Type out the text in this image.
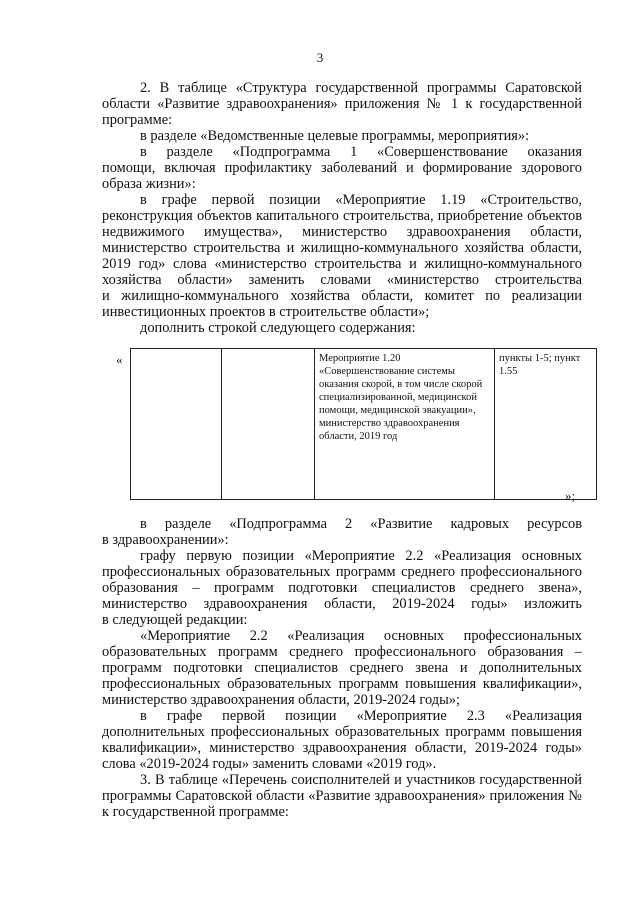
3
2. В таблице «Структура государственной программы Саратовской
области «Развитие здравоохранения» приложения № 1 к государственной
программе:
в разделе «Ведомственные целевые программы, мероприятия»:
в разделе «Подпрограмма 1 «Совершенствование оказания
помощи, включая профилактику заболеваний и формирование здорового
образа жизни»:
в графе первой позиции «Мероприятие 1.19 «Строительство,
реконструкция объектов капитального строительства, приобретение объектов
недвижимого имущества», министерство здравоохранения области,
министерство строительства и жилищно-коммунального хозяйства области,
2019 год» слова «министерство строительства и жилищно-коммунального
хозяйства области» заменить словами «министерство строительства
и жилищно-коммунального хозяйства области, комитет по реализации
инвестиционных проектов в строительстве области»;
дополнить строкой следующего содержания:
«
			Мероприятие 1.20 «Совершенствование системы оказания скорой, в том числе скорой специализированной, медицинской помощи, медицинской эвакуации», министерство здравоохранения области, 2019 год	пункты 1-5; пункт 1.55
»;
в разделе «Подпрограмма 2 «Развитие кадровых ресурсов
в здравоохранении»:
графу первую позиции «Мероприятие 2.2 «Реализация основных
профессиональных образовательных программ среднего профессионального
образования – программ подготовки специалистов среднего звена»,
министерство здравоохранения области, 2019-2024 годы» изложить
в следующей редакции:
«Мероприятие 2.2 «Реализация основных профессиональных
образовательных программ среднего профессионального образования –
программ подготовки специалистов среднего звена и дополнительных
профессиональных образовательных программ повышения квалификации»,
министерство здравоохранения области, 2019-2024 годы»;
в графе первой позиции «Мероприятие 2.3 «Реализация
дополнительных профессиональных образовательных программ повышения
квалификации», министерство здравоохранения области, 2019-2024 годы»
слова «2019-2024 годы» заменить словами «2019 год».
3. В таблице «Перечень соисполнителей и участников государственной
программы Саратовской области «Развитие здравоохранения» приложения №
к государственной программе:
